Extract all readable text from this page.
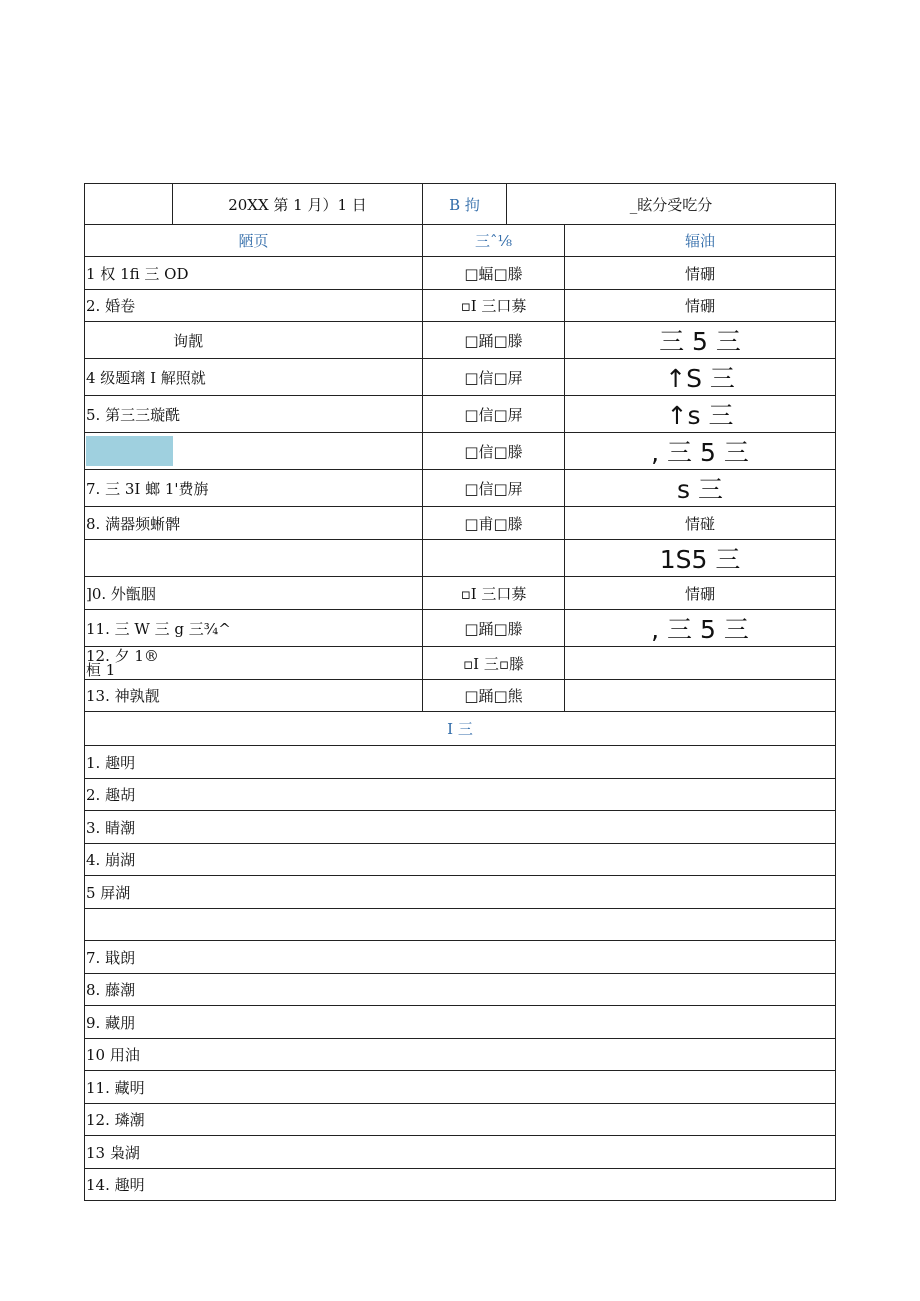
	20XX 第 1 月）1 日	B 拘	_眩分受吃分	
陋页		三ˆ⅛		辐油
1 权 1fi 三 OD		□蝠□滕		情硼
2. 婚卷		▫I 三口募		情硼
询靓		□踊□滕		三 5 三
4 级题璃 I 解照就		□信□屏		↑S 三
5. 第三三璇酰		□信□屏		↑s 三
		□信□滕		, 三 5 三
7. 三 3I 螂 1'费旃		□信□屏		s 三
8. 满器频蜥髀		□甫□滕		情碰
				1S5 三
]0. 外甑胭		▫I 三口募		情硼
11. 三 W 三 g 三¾^		□踊□滕		, 三 5 三

12. 夕 1®
桓 1		▫I 三▫滕		
13. 神孰靓		□踊□熊		
I 三				
1. 趣明				
2. 趣胡				
3. 睛潮				
4. 崩湖				
5 屏湖				

7. 戢朗				
8. 藤潮				
9. 藏朋				
10 用油				
11. 藏明				
12. 璘潮				
13 枭湖				
14. 趣明				
